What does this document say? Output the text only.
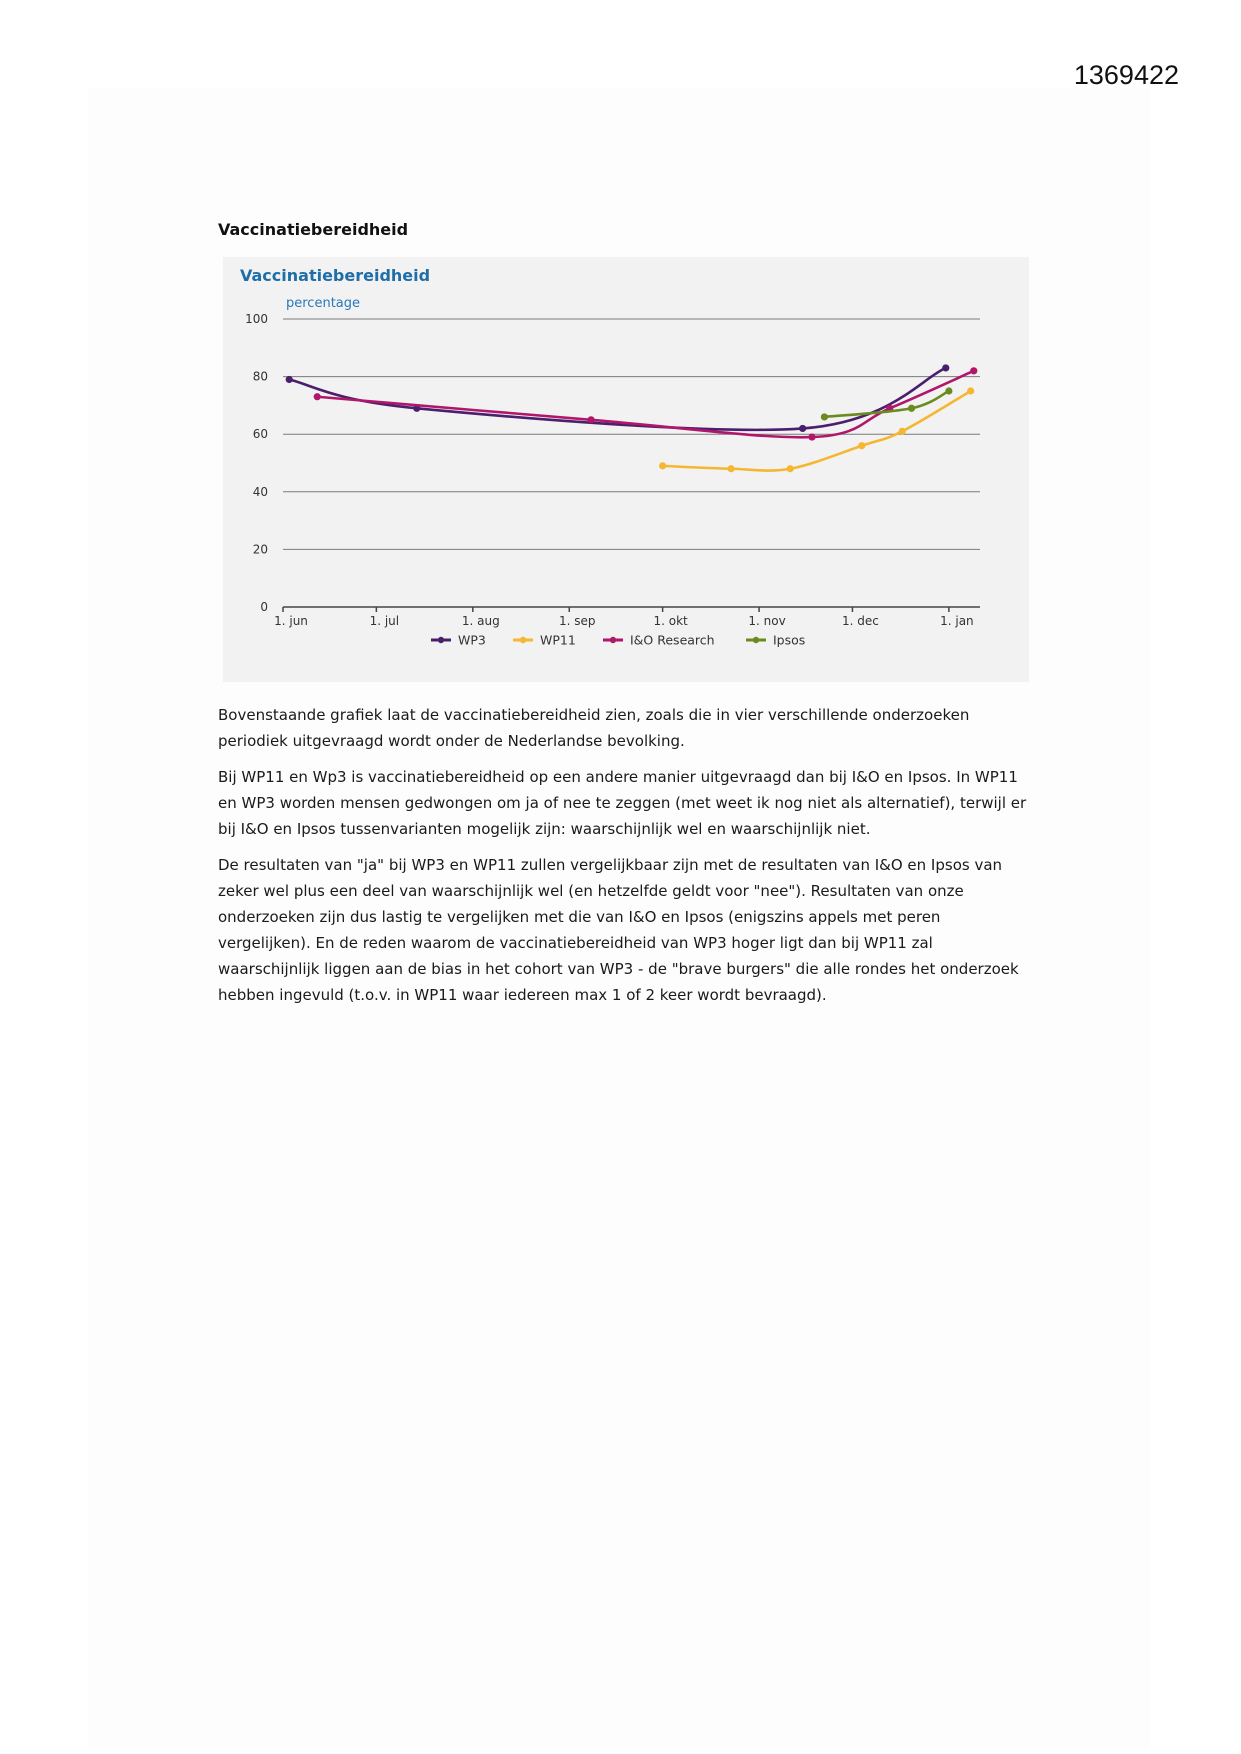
1369422
Vaccinatiebereidheid
Vaccinatiebereidheid
percentage
100
80
60
40
20
0
1. jun	1. jul	1. aug	1. sep	1. okt	1. nov	1. dec	1. jan
WP3	WP11	I&O Research	Ipsos

Bovenstaande grafiek laat de vaccinatiebereidheid zien, zoals die in vier verschillende onderzoeken periodiek uitgevraagd wordt onder de Nederlandse bevolking.

Bij WP11 en Wp3 is vaccinatiebereidheid op een andere manier uitgevraagd dan bij I&O en Ipsos. In WP11 en WP3 worden mensen gedwongen om ja of nee te zeggen (met weet ik nog niet als alternatief), terwijl er bij I&O en Ipsos tussenvarianten mogelijk zijn: waarschijnlijk wel en waarschijnlijk niet.

De resultaten van "ja" bij WP3 en WP11 zullen vergelijkbaar zijn met de resultaten van I&O en Ipsos van zeker wel plus een deel van waarschijnlijk wel (en hetzelfde geldt voor "nee"). Resultaten van onze onderzoeken zijn dus lastig te vergelijken met die van I&O en Ipsos (enigszins appels met peren vergelijken). En de reden waarom de vaccinatiebereidheid van WP3 hoger ligt dan bij WP11 zal waarschijnlijk liggen aan de bias in het cohort van WP3 - de "brave burgers" die alle rondes het onderzoek hebben ingevuld (t.o.v. in WP11 waar iedereen max 1 of 2 keer wordt bevraagd).
